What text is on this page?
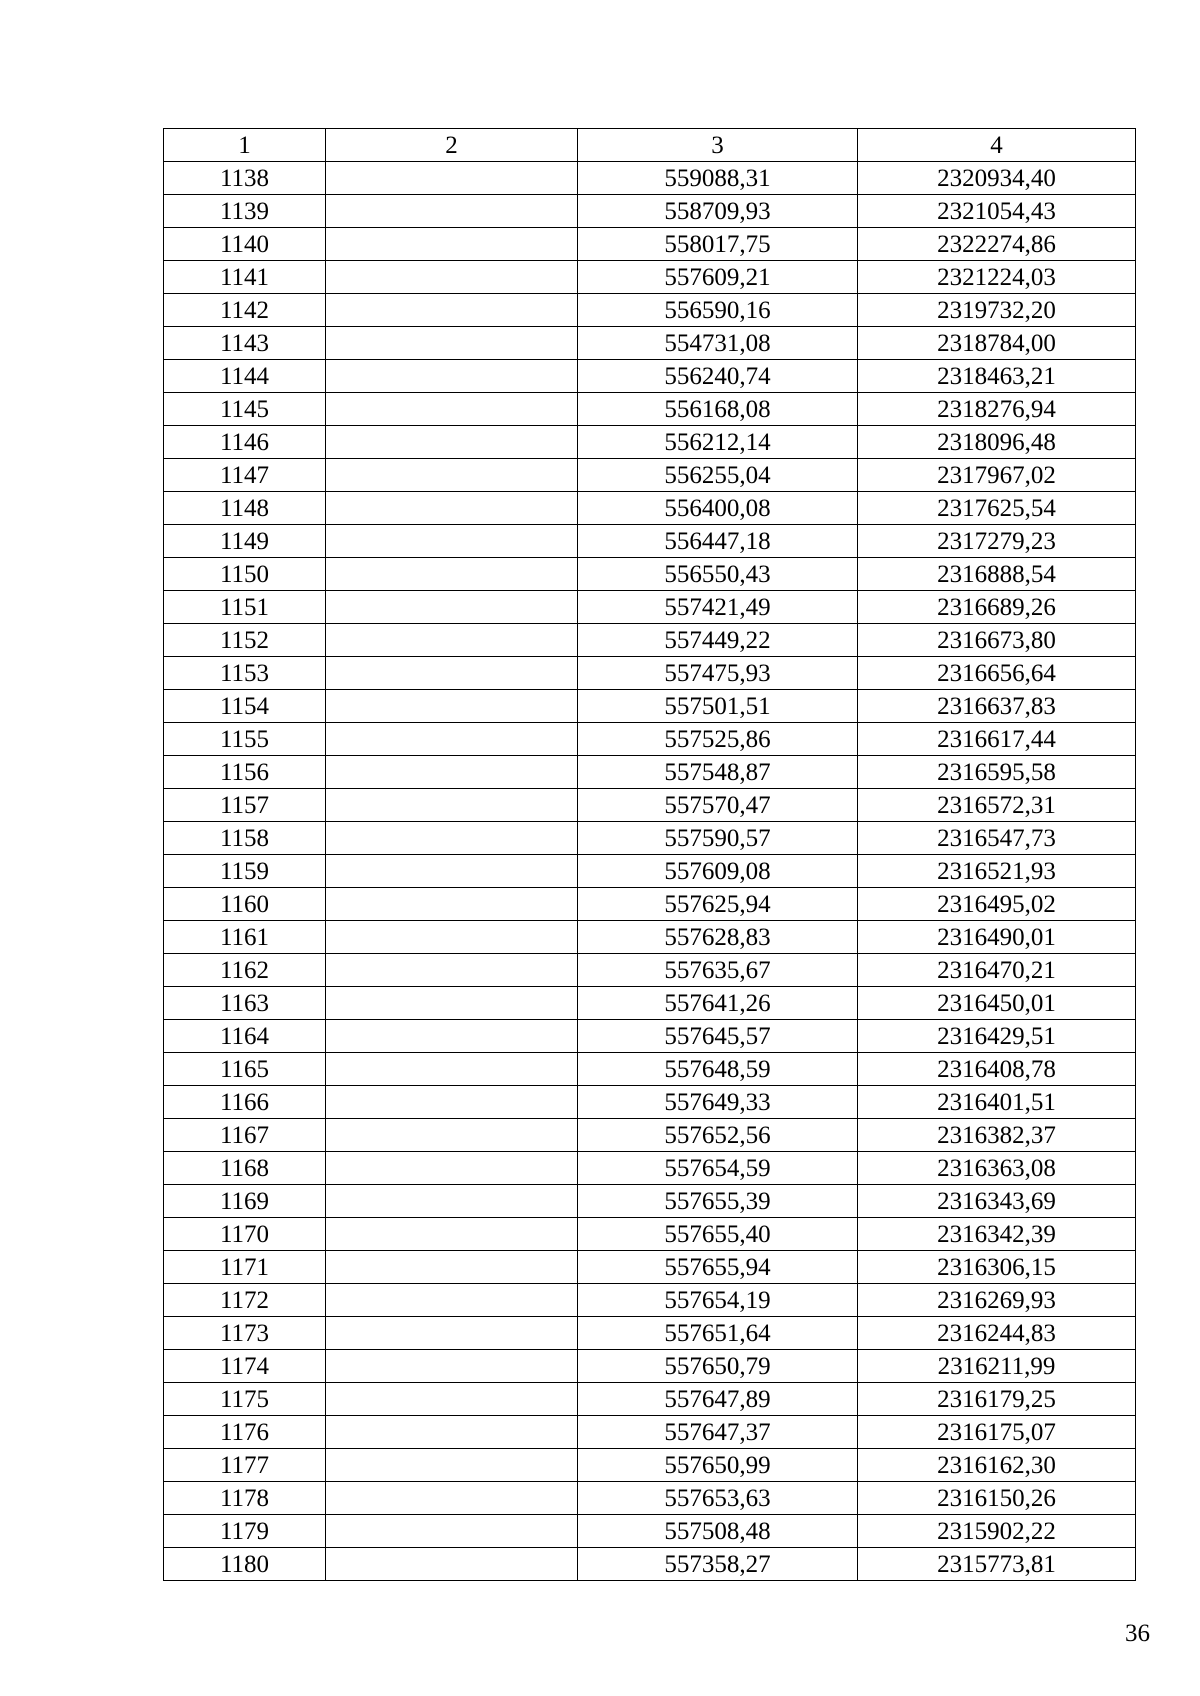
1	2	3	4
1138		559088,31	2320934,40
1139		558709,93	2321054,43
1140		558017,75	2322274,86
1141		557609,21	2321224,03
1142		556590,16	2319732,20
1143		554731,08	2318784,00
1144		556240,74	2318463,21
1145		556168,08	2318276,94
1146		556212,14	2318096,48
1147		556255,04	2317967,02
1148		556400,08	2317625,54
1149		556447,18	2317279,23
1150		556550,43	2316888,54
1151		557421,49	2316689,26
1152		557449,22	2316673,80
1153		557475,93	2316656,64
1154		557501,51	2316637,83
1155		557525,86	2316617,44
1156		557548,87	2316595,58
1157		557570,47	2316572,31
1158		557590,57	2316547,73
1159		557609,08	2316521,93
1160		557625,94	2316495,02
1161		557628,83	2316490,01
1162		557635,67	2316470,21
1163		557641,26	2316450,01
1164		557645,57	2316429,51
1165		557648,59	2316408,78
1166		557649,33	2316401,51
1167		557652,56	2316382,37
1168		557654,59	2316363,08
1169		557655,39	2316343,69
1170		557655,40	2316342,39
1171		557655,94	2316306,15
1172		557654,19	2316269,93
1173		557651,64	2316244,83
1174		557650,79	2316211,99
1175		557647,89	2316179,25
1176		557647,37	2316175,07
1177		557650,99	2316162,30
1178		557653,63	2316150,26
1179		557508,48	2315902,22
1180		557358,27	2315773,81
36
